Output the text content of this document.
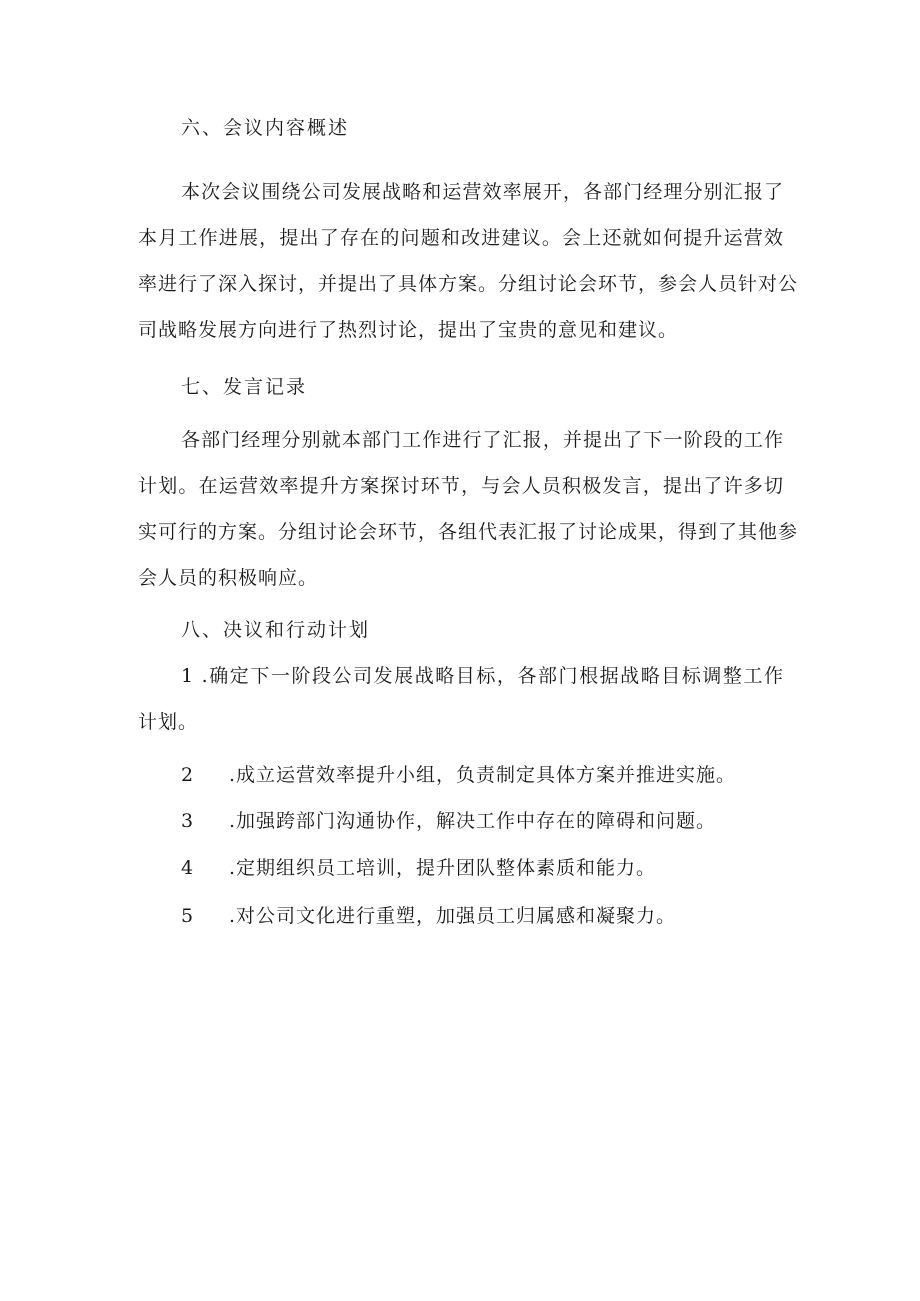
六、会议内容概述
本次会议围绕公司发展战略和运营效率展开，各部门经理分别汇报了
本月工作进展，提出了存在的问题和改进建议。会上还就如何提升运营效
率进行了深入探讨，并提出了具体方案。分组讨论会环节，参会人员针对公
司战略发展方向进行了热烈讨论，提出了宝贵的意见和建议。
七、发言记录
各部门经理分别就本部门工作进行了汇报，并提出了下一阶段的工作
计划。在运营效率提升方案探讨环节，与会人员积极发言，提出了许多切
实可行的方案。分组讨论会环节，各组代表汇报了讨论成果，得到了其他参
会人员的积极响应。
八、决议和行动计划
1 .确定下一阶段公司发展战略目标，各部门根据战略目标调整工作
计划。
2 .成立运营效率提升小组，负责制定具体方案并推进实施。
3 .加强跨部门沟通协作，解决工作中存在的障碍和问题。
4 .定期组织员工培训，提升团队整体素质和能力。
5 .对公司文化进行重塑，加强员工归属感和凝聚力。
